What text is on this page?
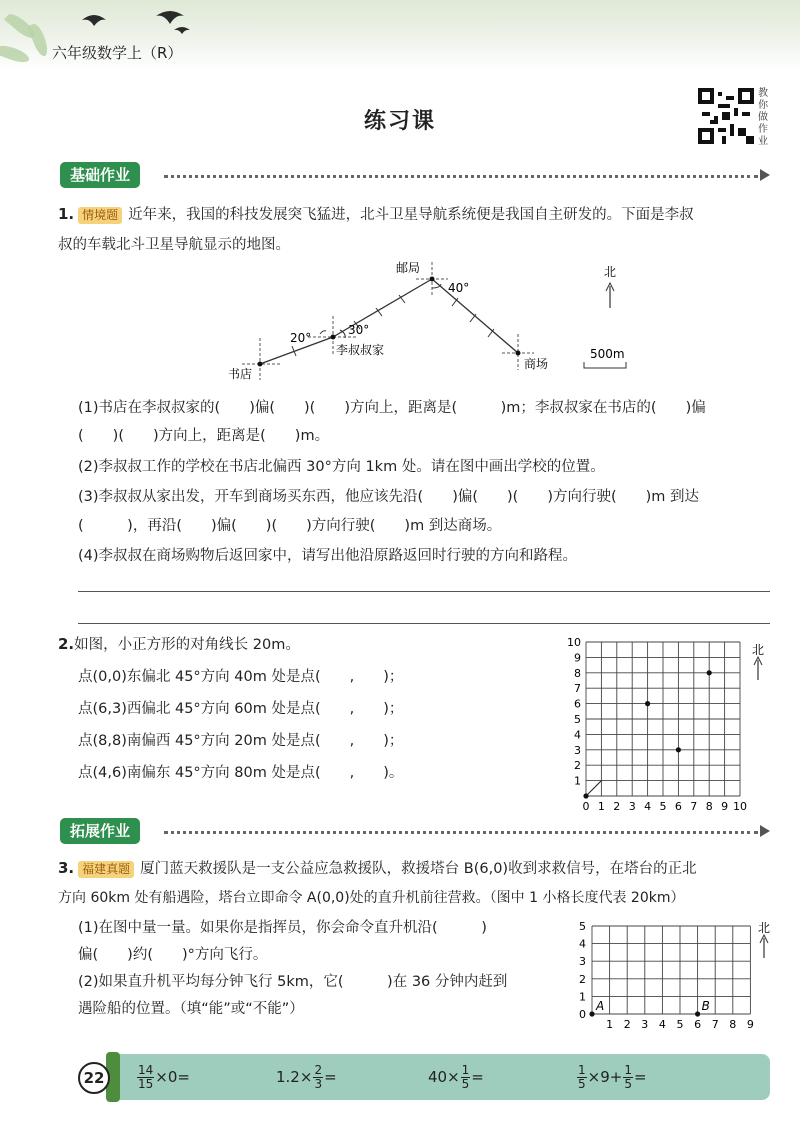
六年级数学上（R）
练习课
教你做作业
基础作业
1. 情境题 近年来，我国的科技发展突飞猛进，北斗卫星导航系统便是我国自主研发的。下面是李叔
叔的车载北斗卫星导航显示的地图。
邮局
40°
20°
30°
李叔叔家
书店
商场
北
500m
(1)书店在李叔叔家的(　　)偏(　　)(　　)方向上，距离是(　　　)m；李叔叔家在书店的(　　)偏
(　　)(　　)方向上，距离是(　　)m。
(2)李叔叔工作的学校在书店北偏西 30°方向 1km 处。请在图中画出学校的位置。
(3)李叔叔从家出发，开车到商场买东西，他应该先沿(　　)偏(　　)(　　)方向行驶(　　)m 到达
(　　　)，再沿(　　)偏(　　)(　　)方向行驶(　　)m 到达商场。
(4)李叔叔在商场购物后返回家中，请写出他沿原路返回时行驶的方向和路程。
2.如图，小正方形的对角线长 20m。
点(0,0)东偏北 45°方向 40m 处是点(　　,　　)；
点(6,3)西偏北 45°方向 60m 处是点(　　,　　)；
点(8,8)南偏西 45°方向 20m 处是点(　　,　　)；
点(4,6)南偏东 45°方向 80m 处是点(　　,　　)。
0 1 2 3 4 5 6 7 8 9 10
1
2
3
4
5
6
7
8
9
10
北
拓展作业
3. 福建真题 厦门蓝天救援队是一支公益应急救援队，救援塔台 B(6,0)收到求救信号，在塔台的正北
方向 60km 处有船遇险，塔台立即命令 A(0,0)处的直升机前往营救。（图中 1 小格长度代表 20km）
(1)在图中量一量。如果你是指挥员，你会命令直升机沿(　　　)
偏(　　)约(　　)°方向飞行。
(2)如果直升机平均每分钟飞行 5km，它(　　　)在 36 分钟内赶到
遇险船的位置。（填“能”或“不能”）
1 2 3 4 5 6 7 8 9
0
1
2
3
4
5
A	B
北
22	$\frac{14}{15} \times 0=$	$1.2\times \frac{2}{3}$ =	$40\times \frac{1}{5}$ =	$\frac{1}{5} \times 9+ \frac{1}{5}$ =
